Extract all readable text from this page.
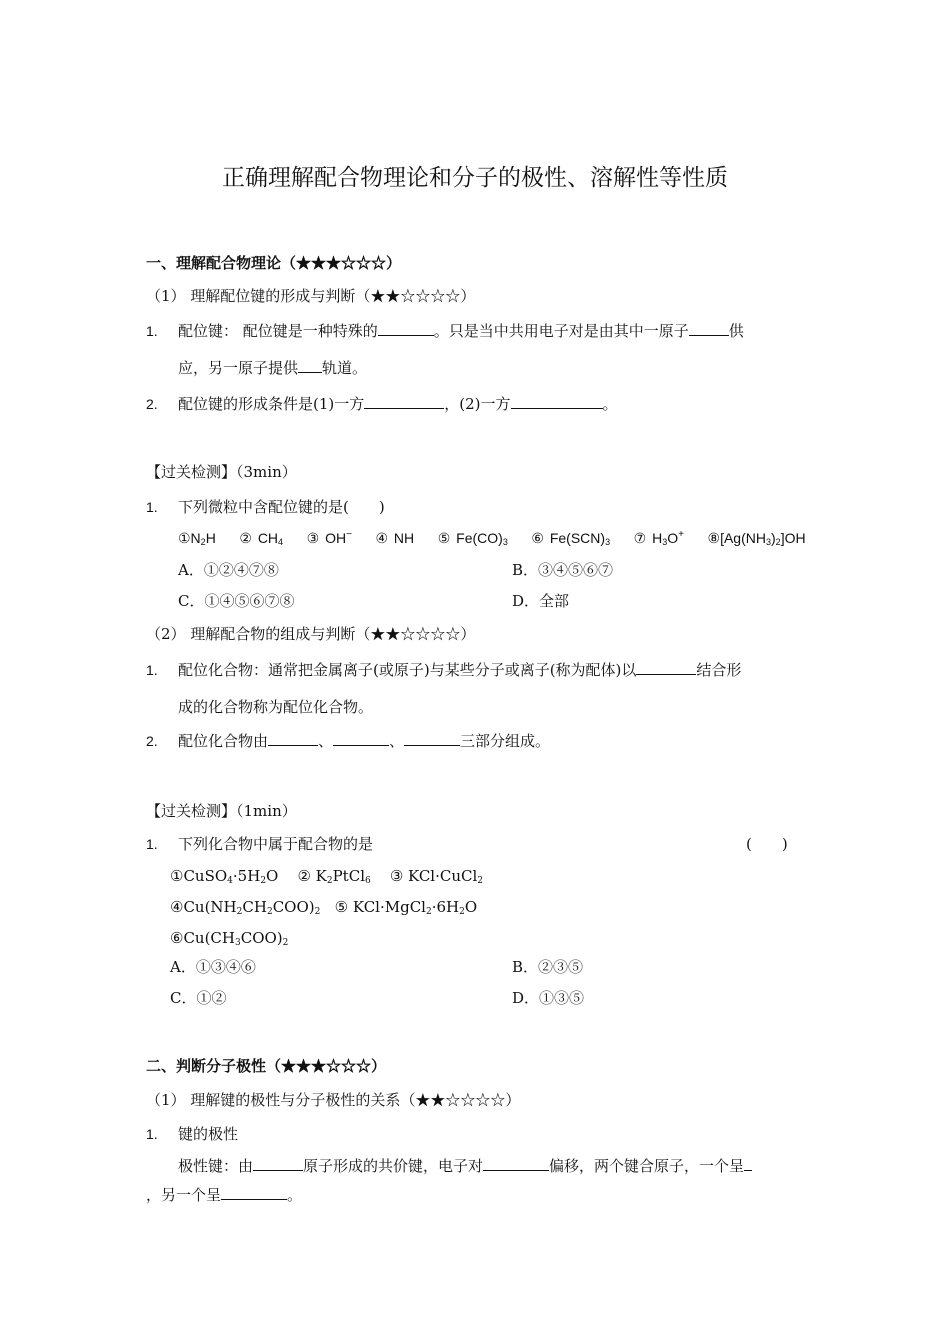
正确理解配合物理论和分子的极性、溶解性等性质
一、理解配合物理论（★★★☆☆☆）
（1） 理解配位键的形成与判断（★★☆☆☆☆）
1. 配位键： 配位键是一种特殊的	。只是当中共用电子对是由其中一原子	供
应，另一原子提供 轨道。
2. 配位键的形成条件是(1)一方	，(2)一方	。
【过关检测】（3min）
1. 下列微粒中含配位键的是(　　)
$①N_2H$ ② $CH_4$ ③ OH− ④ NH ⑤ $Fe(CO)_3$ ⑥ $Fe(SCN)_3$ ⑦ $H_3O^+$ $⑧[Ag(NH_3)_2]OH$
A．①②④⑦⑧	B．③④⑤⑥⑦
C．①④⑤⑥⑦⑧	D．全部
（2） 理解配合物的组成与判断（★★☆☆☆☆）
1. 配位化合物：通常把金属离子(或原子)与某些分子或离子(称为配体)以	结合形
成的化合物称为配位化合物。
2. 配位化合物由	、	、	三部分组成。
【过关检测】（1min）
1. 下列化合物中属于配合物的是	(　　)
$①CuSO_4\cdot 5H_2O$ ② $K_2PtCl_6$ ③ KCl·CuCl$_2$
$④Cu(NH_2CH_2COO)_2$ ⑤ $KCl\cdot MgCl_2\cdot 6H_2O$
$⑥Cu(CH_3COO)_2$
A．①③④⑥	B．②③⑤
C．①②	D．①③⑤
二、判断分子极性（★★★☆☆☆）
（1） 理解键的极性与分子极性的关系（★★☆☆☆☆）
1. 键的极性
极性键：由	原子形成的共价键，电子对	偏移，两个键合原子，一个呈
，另一个呈	。
